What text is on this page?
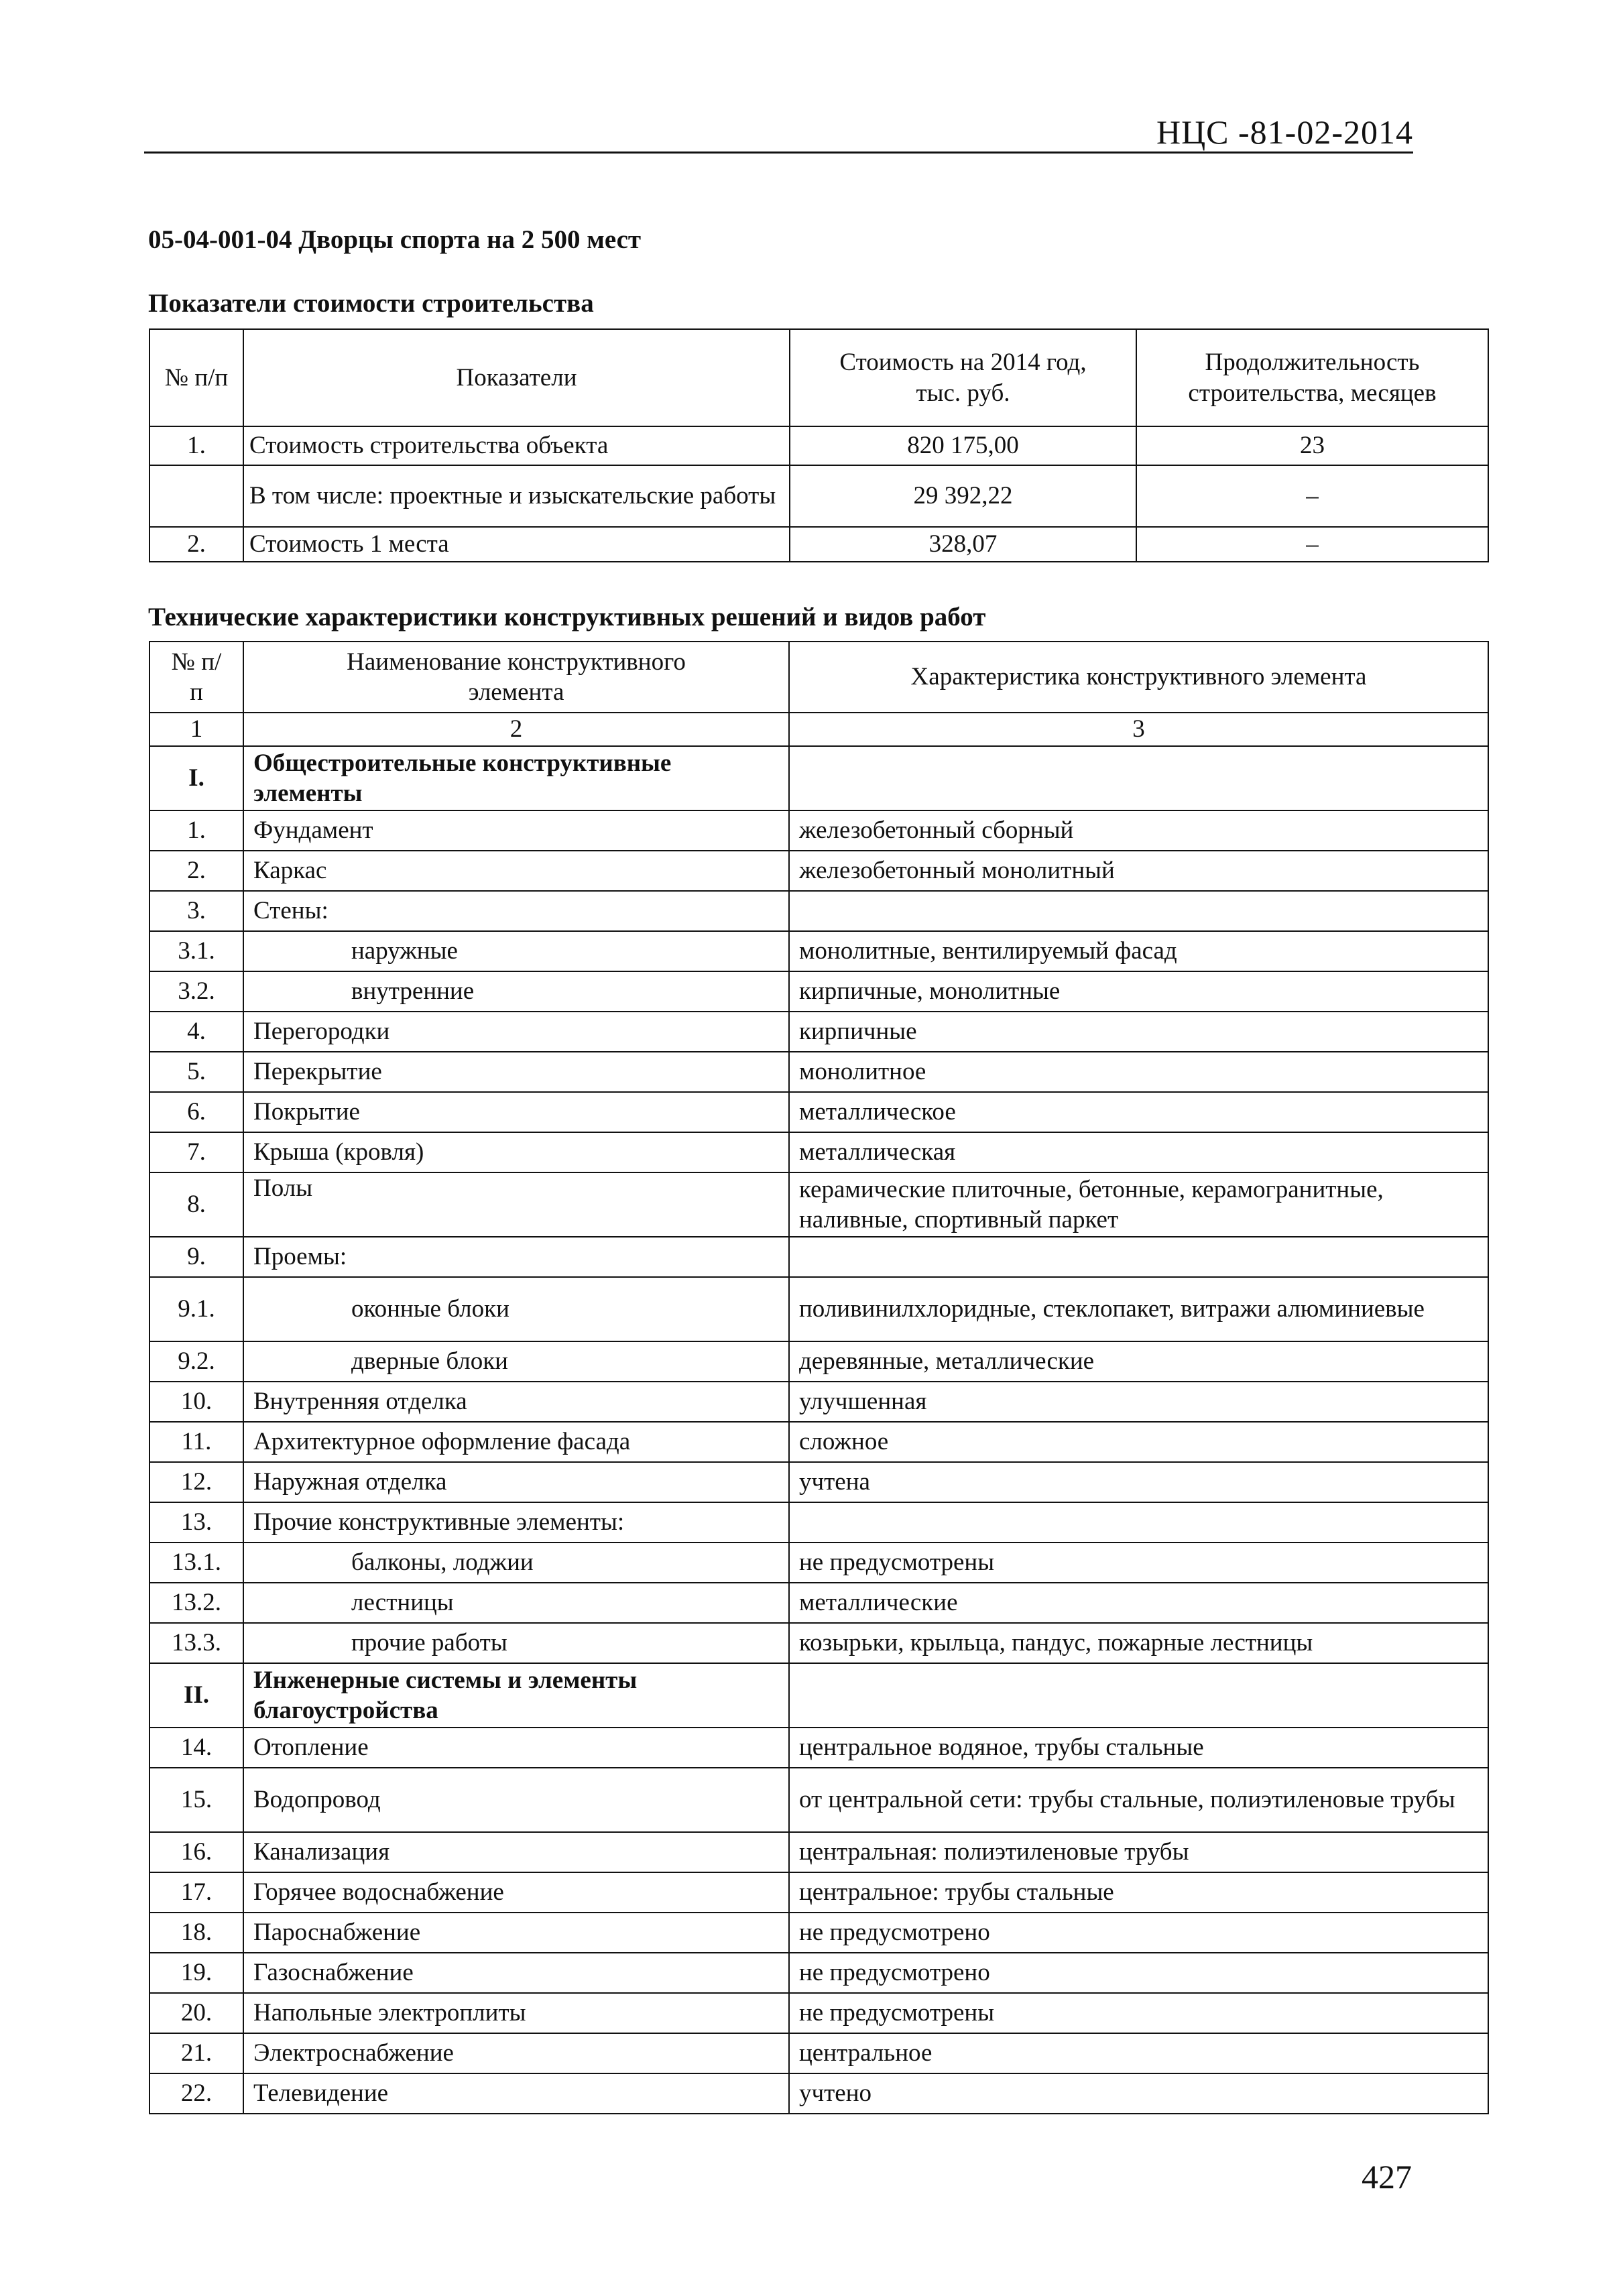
НЦС -81-02-2014
05-04-001-04 Дворцы спорта на 2 500 мест
Показатели стоимости строительства
№ п/п	Показатели	Стоимость на 2014 год, тыс. руб.	Продолжительность строительства, месяцев
1.	Стоимость строительства объекта	820 175,00	23
	В том числе: проектные и изыскательские работы	29 392,22	–
2.	Стоимость 1 места	328,07	–
Технические характеристики конструктивных решений и видов работ
№ п/п	Наименование конструктивного элемента	Характеристика конструктивного элемента
1	2	3
I.	Общестроительные конструктивные элементы	
1.	Фундамент	железобетонный сборный
2.	Каркас	железобетонный монолитный
3.	Стены:	
3.1.	наружные	монолитные, вентилируемый фасад
3.2.	внутренние	кирпичные, монолитные
4.	Перегородки	кирпичные
5.	Перекрытие	монолитное
6.	Покрытие	металлическое
7.	Крыша (кровля)	металлическая
8.	Полы	керамические плиточные, бетонные, керамогранитные, наливные, спортивный паркет
9.	Проемы:	
9.1.	оконные блоки	поливинилхлоридные, стеклопакет, витражи алюминиевые
9.2.	дверные блоки	деревянные, металлические
10.	Внутренняя отделка	улучшенная
11.	Архитектурное оформление фасада	сложное
12.	Наружная отделка	учтена
13.	Прочие конструктивные элементы:	
13.1.	балконы, лоджии	не предусмотрены
13.2.	лестницы	металлические
13.3.	прочие работы	козырьки, крыльца, пандус, пожарные лестницы
II.	Инженерные системы и элементы благоустройства	
14.	Отопление	центральное водяное, трубы стальные
15.	Водопровод	от центральной сети: трубы стальные, полиэтиленовые трубы
16.	Канализация	центральная: полиэтиленовые трубы
17.	Горячее водоснабжение	центральное: трубы стальные
18.	Пароснабжение	не предусмотрено
19.	Газоснабжение	не предусмотрено
20.	Напольные электроплиты	не предусмотрены
21.	Электроснабжение	центральное
22.	Телевидение	учтено
427
